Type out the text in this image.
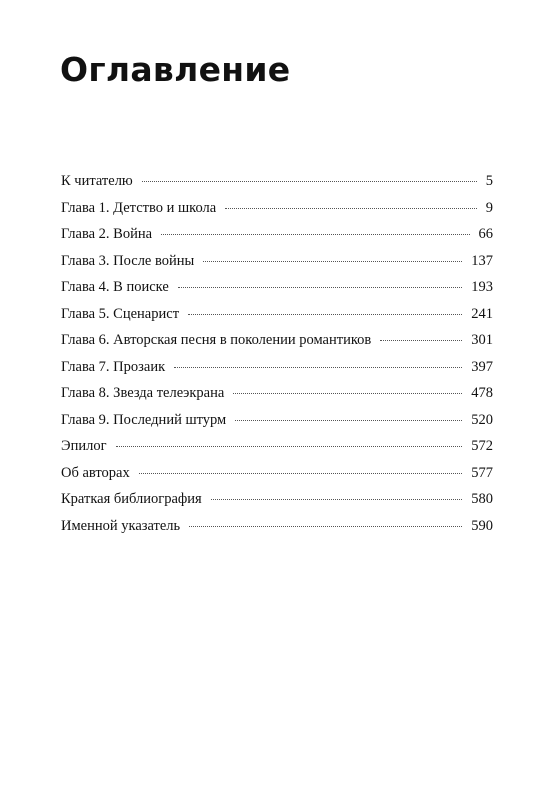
Оглавление
К читателю	5
Глава 1. Детство и школа	9
Глава 2. Война	66
Глава 3. После войны	137
Глава 4. В поиске	193
Глава 5. Сценарист	241
Глава 6. Авторская песня в поколении романтиков	301
Глава 7. Прозаик	397
Глава 8. Звезда телеэкрана	478
Глава 9. Последний штурм	520
Эпилог	572
Об авторах	577
Краткая библиография	580
Именной указатель	590
